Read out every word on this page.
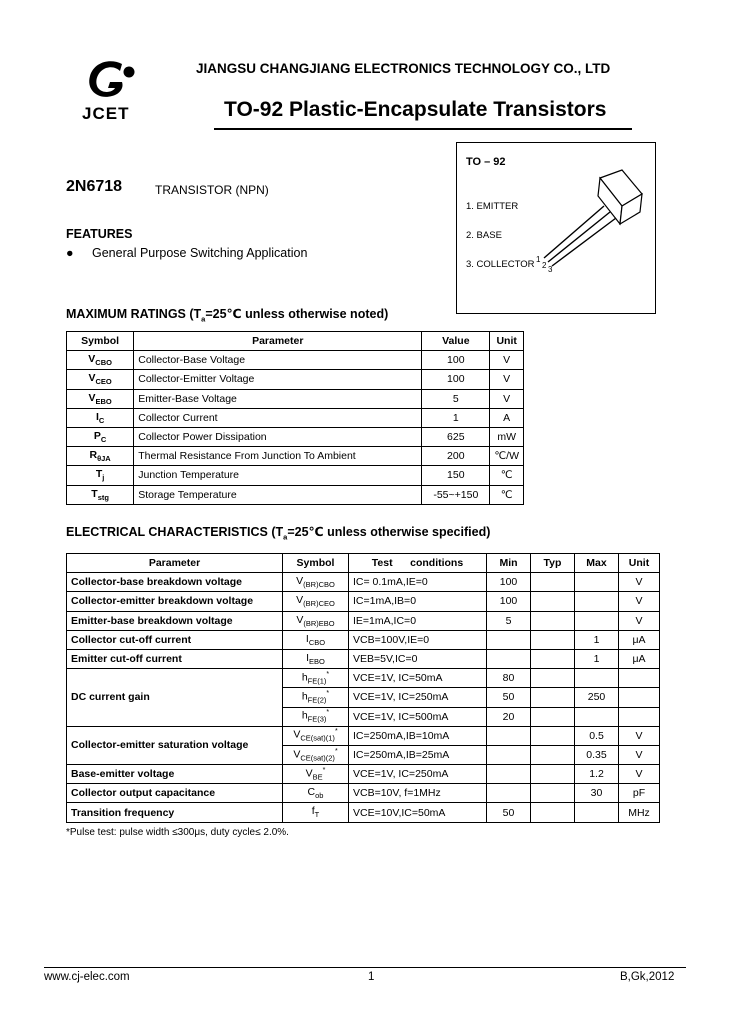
JCET
JIANGSU CHANGJIANG ELECTRONICS TECHNOLOGY CO., LTD
TO-92 Plastic-Encapsulate Transistors
2N6718	TRANSISTOR (NPN)
TO – 92
1. EMITTER
2. BASE
3. COLLECTOR 1
2 3
FEATURES
● General Purpose Switching Application
MAXIMUM RATINGS ($T_a=25℃$ unless otherwise noted)
Symbol	Parameter	Value	Unit
$V_{CBO}$	Collector-Base Voltage	100	V
$V_{CEO}$	Collector-Emitter Voltage	100	V
$V_{EBO}$	Emitter-Base Voltage	5	V
$I_C$	Collector Current	1	A
$P_C$	Collector Power Dissipation	625	mW
$R_{\theta JA}$	Thermal Resistance From Junction To Ambient	200	℃/W
$T_j$	Junction Temperature	150	℃
$T_{stg}$	Storage Temperature	-55~+150	℃
ELECTRICAL CHARACTERISTICS ($T_a=25℃$ unless otherwise specified)
Parameter	Symbol	Test      conditions	Min	Typ	Max	Unit
Collector-base breakdown voltage	$V_{(BR)CBO}$	IC= 0.1mA,IE=0	100			V
Collector-emitter breakdown voltage	$V_{(BR)CEO}$	IC=1mA,IB=0	100			V
Emitter-base breakdown voltage	$V_{(BR)EBO}$	IE=1mA,IC=0	5			V
Collector cut-off current	$I_{CBO}$	VCB=100V,IE=0			1	μA
Emitter cut-off current	$I_{EBO}$	VEB=5V,IC=0			1	μA
DC current gain	$h_{FE(1)}^*$	VCE=1V, IC=50mA	80			
	$h_{FE(2)}^*$	VCE=1V, IC=250mA	50		250	
	$h_{FE(3)}^*$	VCE=1V, IC=500mA	20			
Collector-emitter saturation voltage	$V_{CE(sat)(1)}^*$	IC=250mA,IB=10mA			0.5	V
	$V_{CE(sat)(2)}^*$	IC=250mA,IB=25mA			0.35	V
Base-emitter voltage	$V_{BE}^*$	VCE=1V, IC=250mA			1.2	V
Collector output capacitance	$C_{ob}$	VCB=10V, f=1MHz			30	pF
Transition frequency	$f_T$	VCE=10V,IC=50mA	50			MHz
*Pulse test: pulse width ≤300μs, duty cycle≤ 2.0%.
www.cj-elec.com	1	B,Gk,2012
